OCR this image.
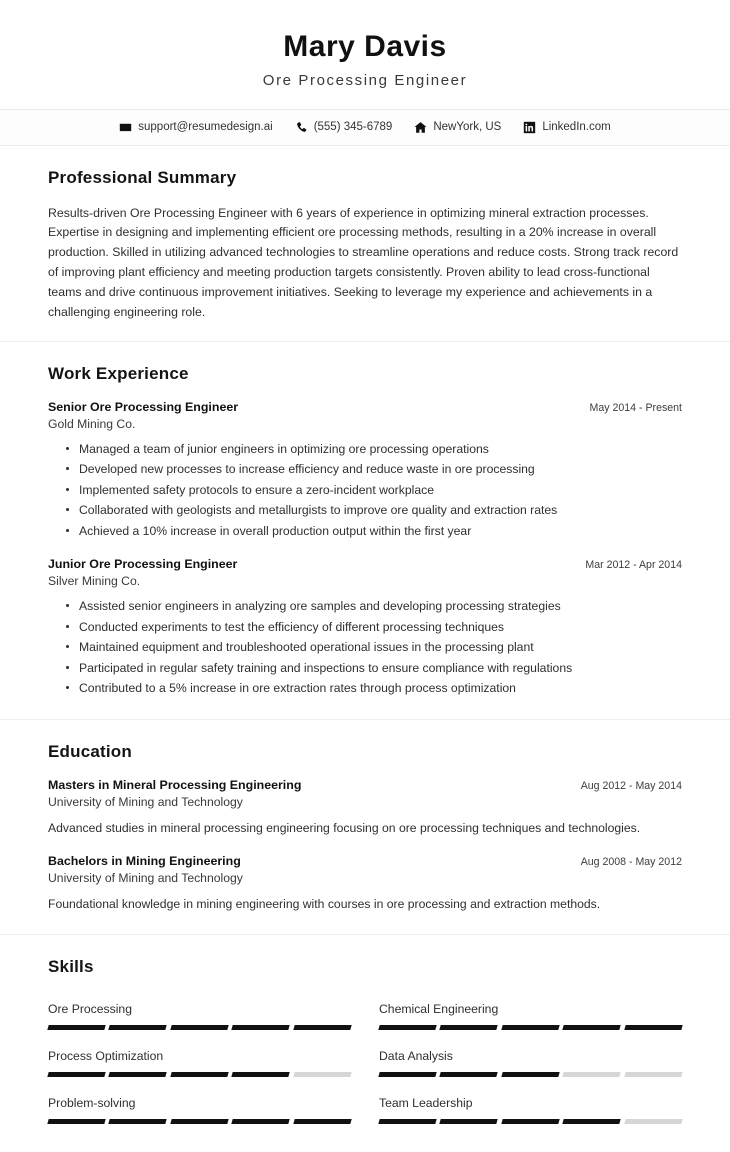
Mary Davis
Ore Processing Engineer
support@resumedesign.ai	(555) 345-6789	NewYork, US	LinkedIn.com
Professional Summary
Results-driven Ore Processing Engineer with 6 years of experience in optimizing mineral extraction processes. Expertise in designing and implementing efficient ore processing methods, resulting in a 20% increase in overall production. Skilled in utilizing advanced technologies to streamline operations and reduce costs. Strong track record of improving plant efficiency and meeting production targets consistently. Proven ability to lead cross-functional teams and drive continuous improvement initiatives. Seeking to leverage my experience and achievements in a challenging engineering role.
Work Experience
Senior Ore Processing Engineer	May 2014 - Present
Gold Mining Co.
Managed a team of junior engineers in optimizing ore processing operations
Developed new processes to increase efficiency and reduce waste in ore processing
Implemented safety protocols to ensure a zero-incident workplace
Collaborated with geologists and metallurgists to improve ore quality and extraction rates
Achieved a 10% increase in overall production output within the first year
Junior Ore Processing Engineer	Mar 2012 - Apr 2014
Silver Mining Co.
Assisted senior engineers in analyzing ore samples and developing processing strategies
Conducted experiments to test the efficiency of different processing techniques
Maintained equipment and troubleshooted operational issues in the processing plant
Participated in regular safety training and inspections to ensure compliance with regulations
Contributed to a 5% increase in ore extraction rates through process optimization
Education
Masters in Mineral Processing Engineering	Aug 2012 - May 2014
University of Mining and Technology
Advanced studies in mineral processing engineering focusing on ore processing techniques and technologies.
Bachelors in Mining Engineering	Aug 2008 - May 2012
University of Mining and Technology
Foundational knowledge in mining engineering with courses in ore processing and extraction methods.
Skills
Ore Processing	Chemical Engineering
Process Optimization	Data Analysis
Problem-solving	Team Leadership
